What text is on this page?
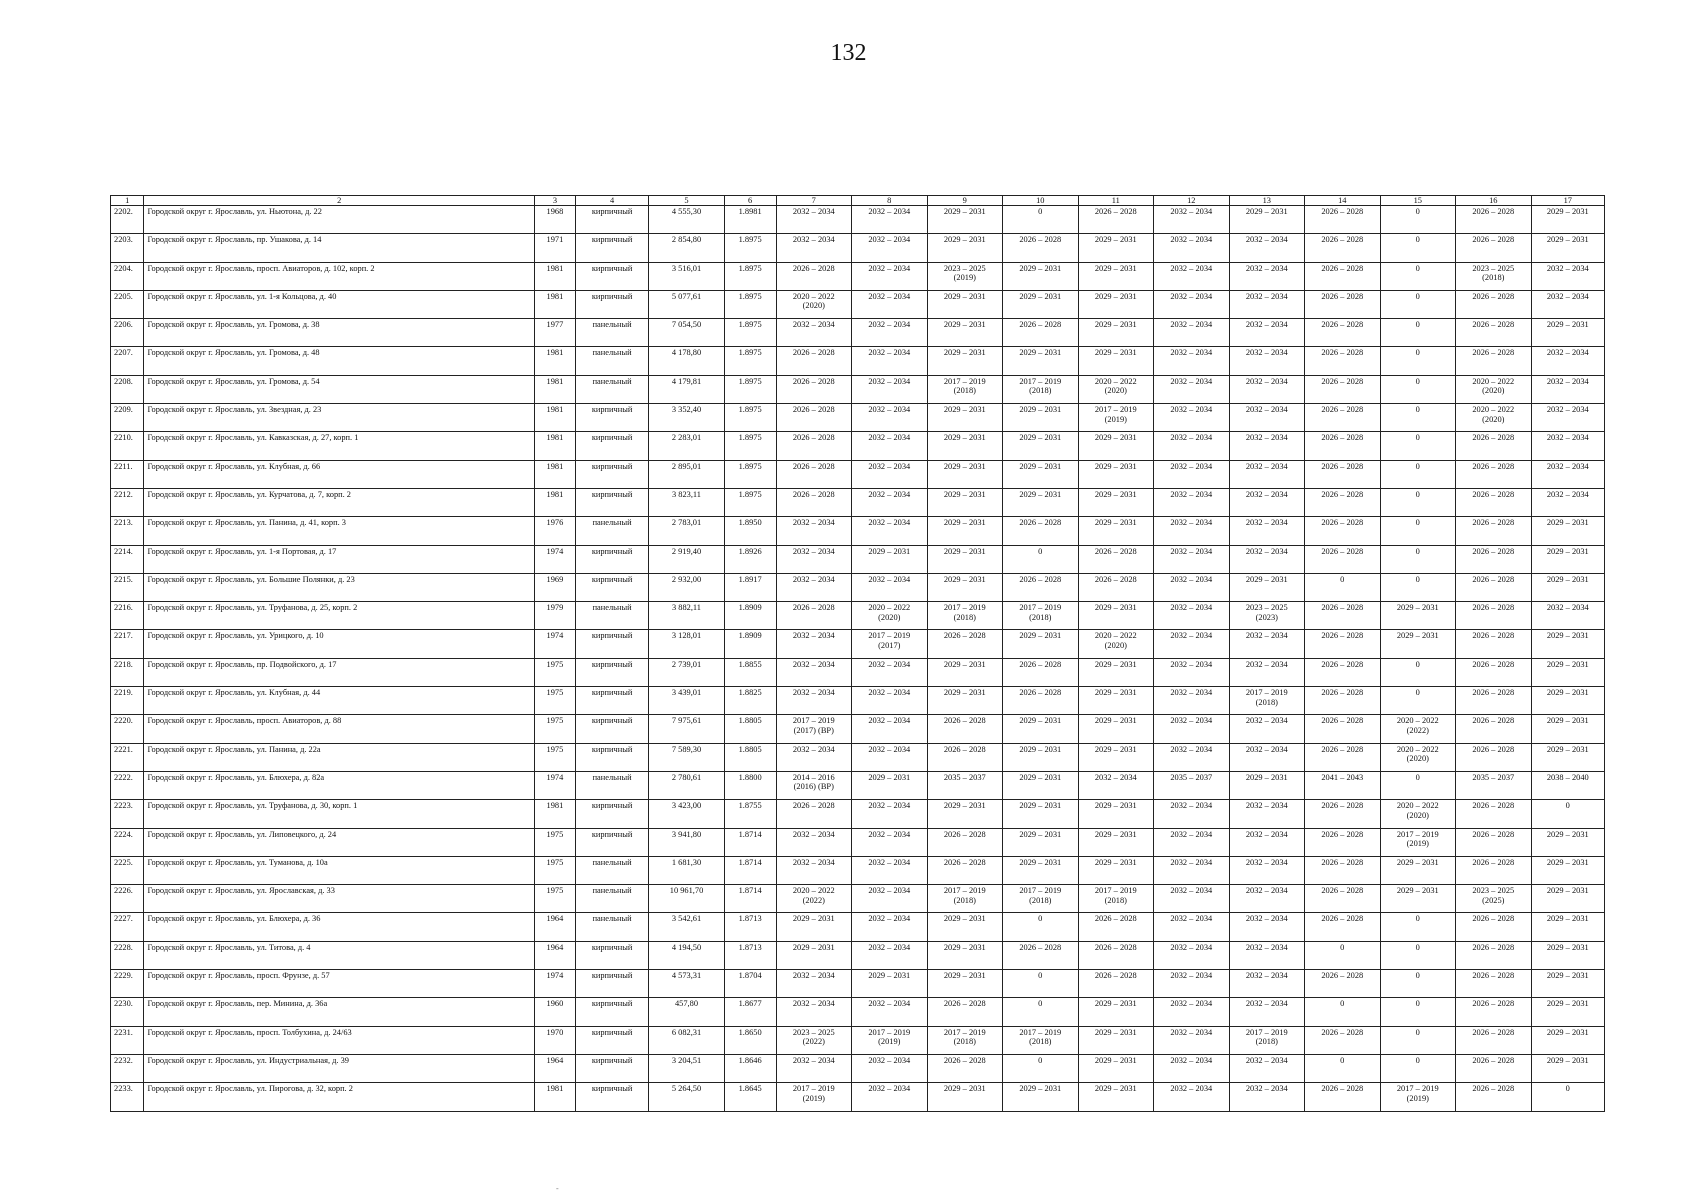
132
1	2	3	4	5	6	7	8	9	10	11	12	13	14	15	16	17

2202.	Городской округ г. Ярославль, ул. Ньютона, д. 22	1968	кирпичный	4 555,30	1.8981	2032 – 2034	2032 – 2034	2029 – 2031	0	2026 – 2028	2032 – 2034	2029 – 2031	2026 – 2028	0	2026 – 2028	2029 – 2031

2203.	Городской округ г. Ярославль, пр. Ушакова, д. 14	1971	кирпичный	2 854,80	1.8975	2032 – 2034	2032 – 2034	2029 – 2031	2026 – 2028	2029 – 2031	2032 – 2034	2032 – 2034	2026 – 2028	0	2026 – 2028	2029 – 2031

2204.	Городской округ г. Ярославль, просп. Авиаторов, д. 102, корп. 2	1981	кирпичный	3 516,01	1.8975	2026 – 2028	2032 – 2034	2023 – 2025
(2019)	2029 – 2031	2029 – 2031	2032 – 2034	2032 – 2034	2026 – 2028	0	2023 – 2025
(2018)	2032 – 2034

2205.	Городской округ г. Ярославль, ул. 1-я Кольцова, д. 40	1981	кирпичный	5 077,61	1.8975	2020 – 2022
(2020)	2032 – 2034	2029 – 2031	2029 – 2031	2029 – 2031	2032 – 2034	2032 – 2034	2026 – 2028	0	2026 – 2028	2032 – 2034

2206.	Городской округ г. Ярославль, ул. Громова, д. 38	1977	панельный	7 054,50	1.8975	2032 – 2034	2032 – 2034	2029 – 2031	2026 – 2028	2029 – 2031	2032 – 2034	2032 – 2034	2026 – 2028	0	2026 – 2028	2029 – 2031

2207.	Городской округ г. Ярославль, ул. Громова, д. 48	1981	панельный	4 178,80	1.8975	2026 – 2028	2032 – 2034	2029 – 2031	2029 – 2031	2029 – 2031	2032 – 2034	2032 – 2034	2026 – 2028	0	2026 – 2028	2032 – 2034

2208.	Городской округ г. Ярославль, ул. Громова, д. 54	1981	панельный	4 179,81	1.8975	2026 – 2028	2032 – 2034	2017 – 2019
(2018)	2017 – 2019
(2018)	2020 – 2022
(2020)	2032 – 2034	2032 – 2034	2026 – 2028	0	2020 – 2022
(2020)	2032 – 2034

2209.	Городской округ г. Ярославль, ул. Звездная, д. 23	1981	кирпичный	3 352,40	1.8975	2026 – 2028	2032 – 2034	2029 – 2031	2029 – 2031	2017 – 2019
(2019)	2032 – 2034	2032 – 2034	2026 – 2028	0	2020 – 2022
(2020)	2032 – 2034

2210.	Городской округ г. Ярославль, ул. Кавказская, д. 27, корп. 1	1981	кирпичный	2 283,01	1.8975	2026 – 2028	2032 – 2034	2029 – 2031	2029 – 2031	2029 – 2031	2032 – 2034	2032 – 2034	2026 – 2028	0	2026 – 2028	2032 – 2034

2211.	Городской округ г. Ярославль, ул. Клубная, д. 66	1981	кирпичный	2 895,01	1.8975	2026 – 2028	2032 – 2034	2029 – 2031	2029 – 2031	2029 – 2031	2032 – 2034	2032 – 2034	2026 – 2028	0	2026 – 2028	2032 – 2034

2212.	Городской округ г. Ярославль, ул. Курчатова, д. 7, корп. 2	1981	кирпичный	3 823,11	1.8975	2026 – 2028	2032 – 2034	2029 – 2031	2029 – 2031	2029 – 2031	2032 – 2034	2032 – 2034	2026 – 2028	0	2026 – 2028	2032 – 2034

2213.	Городской округ г. Ярославль, ул. Панина, д. 41, корп. 3	1976	панельный	2 783,01	1.8950	2032 – 2034	2032 – 2034	2029 – 2031	2026 – 2028	2029 – 2031	2032 – 2034	2032 – 2034	2026 – 2028	0	2026 – 2028	2029 – 2031

2214.	Городской округ г. Ярославль, ул. 1-я Портовая, д. 17	1974	кирпичный	2 919,40	1.8926	2032 – 2034	2029 – 2031	2029 – 2031	0	2026 – 2028	2032 – 2034	2032 – 2034	2026 – 2028	0	2026 – 2028	2029 – 2031

2215.	Городской округ г. Ярославль, ул. Большие Полянки, д. 23	1969	кирпичный	2 932,00	1.8917	2032 – 2034	2032 – 2034	2029 – 2031	2026 – 2028	2026 – 2028	2032 – 2034	2029 – 2031	0	0	2026 – 2028	2029 – 2031

2216.	Городской округ г. Ярославль, ул. Труфанова, д. 25, корп. 2	1979	панельный	3 882,11	1.8909	2026 – 2028	2020 – 2022
(2020)	2017 – 2019
(2018)	2017 – 2019
(2018)	2029 – 2031	2032 – 2034	2023 – 2025
(2023)	2026 – 2028	2029 – 2031	2026 – 2028	2032 – 2034

2217.	Городской округ г. Ярославль, ул. Урицкого, д. 10	1974	кирпичный	3 128,01	1.8909	2032 – 2034	2017 – 2019
(2017)	2026 – 2028	2029 – 2031	2020 – 2022
(2020)	2032 – 2034	2032 – 2034	2026 – 2028	2029 – 2031	2026 – 2028	2029 – 2031

2218.	Городской округ г. Ярославль, пр. Подвойского, д. 17	1975	кирпичный	2 739,01	1.8855	2032 – 2034	2032 – 2034	2029 – 2031	2026 – 2028	2029 – 2031	2032 – 2034	2032 – 2034	2026 – 2028	0	2026 – 2028	2029 – 2031

2219.	Городской округ г. Ярославль, ул. Клубная, д. 44	1975	кирпичный	3 439,01	1.8825	2032 – 2034	2032 – 2034	2029 – 2031	2026 – 2028	2029 – 2031	2032 – 2034	2017 – 2019
(2018)	2026 – 2028	0	2026 – 2028	2029 – 2031

2220.	Городской округ г. Ярославль, просп. Авиаторов, д. 88	1975	кирпичный	7 975,61	1.8805	2017 – 2019
(2017) (ВР)	2032 – 2034	2026 – 2028	2029 – 2031	2029 – 2031	2032 – 2034	2032 – 2034	2026 – 2028	2020 – 2022
(2022)	2026 – 2028	2029 – 2031

2221.	Городской округ г. Ярославль, ул. Панина, д. 22а	1975	кирпичный	7 589,30	1.8805	2032 – 2034	2032 – 2034	2026 – 2028	2029 – 2031	2029 – 2031	2032 – 2034	2032 – 2034	2026 – 2028	2020 – 2022
(2020)	2026 – 2028	2029 – 2031

2222.	Городской округ г. Ярославль, ул. Блюхера, д. 82а	1974	панельный	2 780,61	1.8800	2014 – 2016
(2016) (ВР)	2029 – 2031	2035 – 2037	2029 – 2031	2032 – 2034	2035 – 2037	2029 – 2031	2041 – 2043	0	2035 – 2037	2038 – 2040

2223.	Городской округ г. Ярославль, ул. Труфанова, д. 30, корп. 1	1981	кирпичный	3 423,00	1.8755	2026 – 2028	2032 – 2034	2029 – 2031	2029 – 2031	2029 – 2031	2032 – 2034	2032 – 2034	2026 – 2028	2020 – 2022
(2020)	2026 – 2028	0

2224.	Городской округ г. Ярославль, ул. Липовецкого, д. 24	1975	кирпичный	3 941,80	1.8714	2032 – 2034	2032 – 2034	2026 – 2028	2029 – 2031	2029 – 2031	2032 – 2034	2032 – 2034	2026 – 2028	2017 – 2019
(2019)	2026 – 2028	2029 – 2031

2225.	Городской округ г. Ярославль, ул. Туманова, д. 10а	1975	панельный	1 681,30	1.8714	2032 – 2034	2032 – 2034	2026 – 2028	2029 – 2031	2029 – 2031	2032 – 2034	2032 – 2034	2026 – 2028	2029 – 2031	2026 – 2028	2029 – 2031

2226.	Городской округ г. Ярославль, ул. Ярославская, д. 33	1975	панельный	10 961,70	1.8714	2020 – 2022
(2022)	2032 – 2034	2017 – 2019
(2018)	2017 – 2019
(2018)	2017 – 2019
(2018)	2032 – 2034	2032 – 2034	2026 – 2028	2029 – 2031	2023 – 2025
(2025)	2029 – 2031

2227.	Городской округ г. Ярославль, ул. Блюхера, д. 36	1964	панельный	3 542,61	1.8713	2029 – 2031	2032 – 2034	2029 – 2031	0	2026 – 2028	2032 – 2034	2032 – 2034	2026 – 2028	0	2026 – 2028	2029 – 2031

2228.	Городской округ г. Ярославль, ул. Титова, д. 4	1964	кирпичный	4 194,50	1.8713	2029 – 2031	2032 – 2034	2029 – 2031	2026 – 2028	2026 – 2028	2032 – 2034	2032 – 2034	0	0	2026 – 2028	2029 – 2031

2229.	Городской округ г. Ярославль, просп. Фрунзе, д. 57	1974	кирпичный	4 573,31	1.8704	2032 – 2034	2029 – 2031	2029 – 2031	0	2026 – 2028	2032 – 2034	2032 – 2034	2026 – 2028	0	2026 – 2028	2029 – 2031

2230.	Городской округ г. Ярославль, пер. Минина, д. 36а	1960	кирпичный	457,80	1.8677	2032 – 2034	2032 – 2034	2026 – 2028	0	2029 – 2031	2032 – 2034	2032 – 2034	0	0	2026 – 2028	2029 – 2031

2231.	Городской округ г. Ярославль, просп. Толбухина, д. 24/63	1970	кирпичный	6 082,31	1.8650	2023 – 2025
(2022)	2017 – 2019
(2019)	2017 – 2019
(2018)	2017 – 2019
(2018)	2029 – 2031	2032 – 2034	2017 – 2019
(2018)	2026 – 2028	0	2026 – 2028	2029 – 2031

2232.	Городской округ г. Ярославль, ул. Индустриальная, д. 39	1964	кирпичный	3 204,51	1.8646	2032 – 2034	2032 – 2034	2026 – 2028	0	2029 – 2031	2032 – 2034	2032 – 2034	0	0	2026 – 2028	2029 – 2031

2233.	Городской округ г. Ярославль, ул. Пирогова, д. 32, корп. 2	1981	кирпичный	5 264,50	1.8645	2017 – 2019
(2019)	2032 – 2034	2029 – 2031	2029 – 2031	2029 – 2031	2032 – 2034	2032 – 2034	2026 – 2028	2017 – 2019
(2019)	2026 – 2028	0
-
